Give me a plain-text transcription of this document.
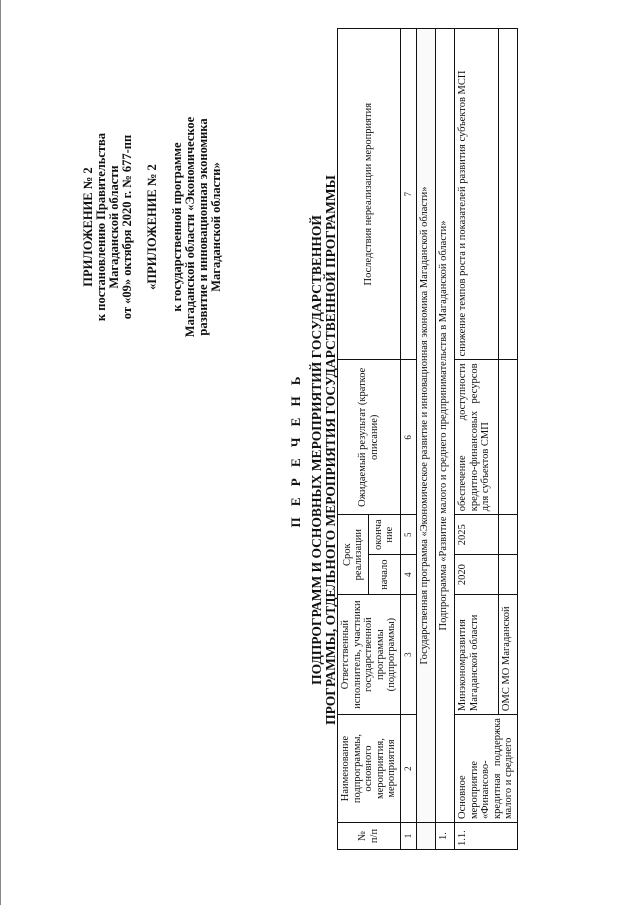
ПРИЛОЖЕНИЕ № 2 к постановлению Правительства Магаданской области от «09» октября 2020 г. № 677-пп «ПРИЛОЖЕНИЕ № 2 к государственной программе Магаданской области «Экономическое развитие и инновационная экономика Магаданской области»
П Е Р Е Ч Е Н Ь ПОДПРОГРАММ И ОСНОВНЫХ МЕРОПРИЯТИЙ ГОСУДАРСТВЕННОЙ ПРОГРАММЫ, ОТДЕЛЬНОГО МЕРОПРИЯТИЯ ГОСУДАРСТВЕННОЙ ПРОГРАММЫ
№ п/п	Наименование подпрограммы, основного мероприятия, мероприятия	Ответственный исполнитель, участники государственной программы (подпрограммы)	Срок реализации		Ожидаемый результат (краткое описание)	Последствия нереализации мероприятия
			начало	оконча ние		
1	2	3	4	5	6	7
	Государственная программа «Экономическое развитие и инновационная экономика Магаданской области»					
1.	Подпрограмма «Развитие малого и среднего предпринимательства в Магаданской области»					
1.1.	Основное мероприятие «Финансово-кредитная поддержка малого и среднего	Минэкономразвития Магаданской области	2020	2025	обеспечение доступности кредитно-финансовых ресурсов для субъектов СМП	снижение темпов роста и показателей развития субъектов МСП
		ОМС МО Магаданской				
